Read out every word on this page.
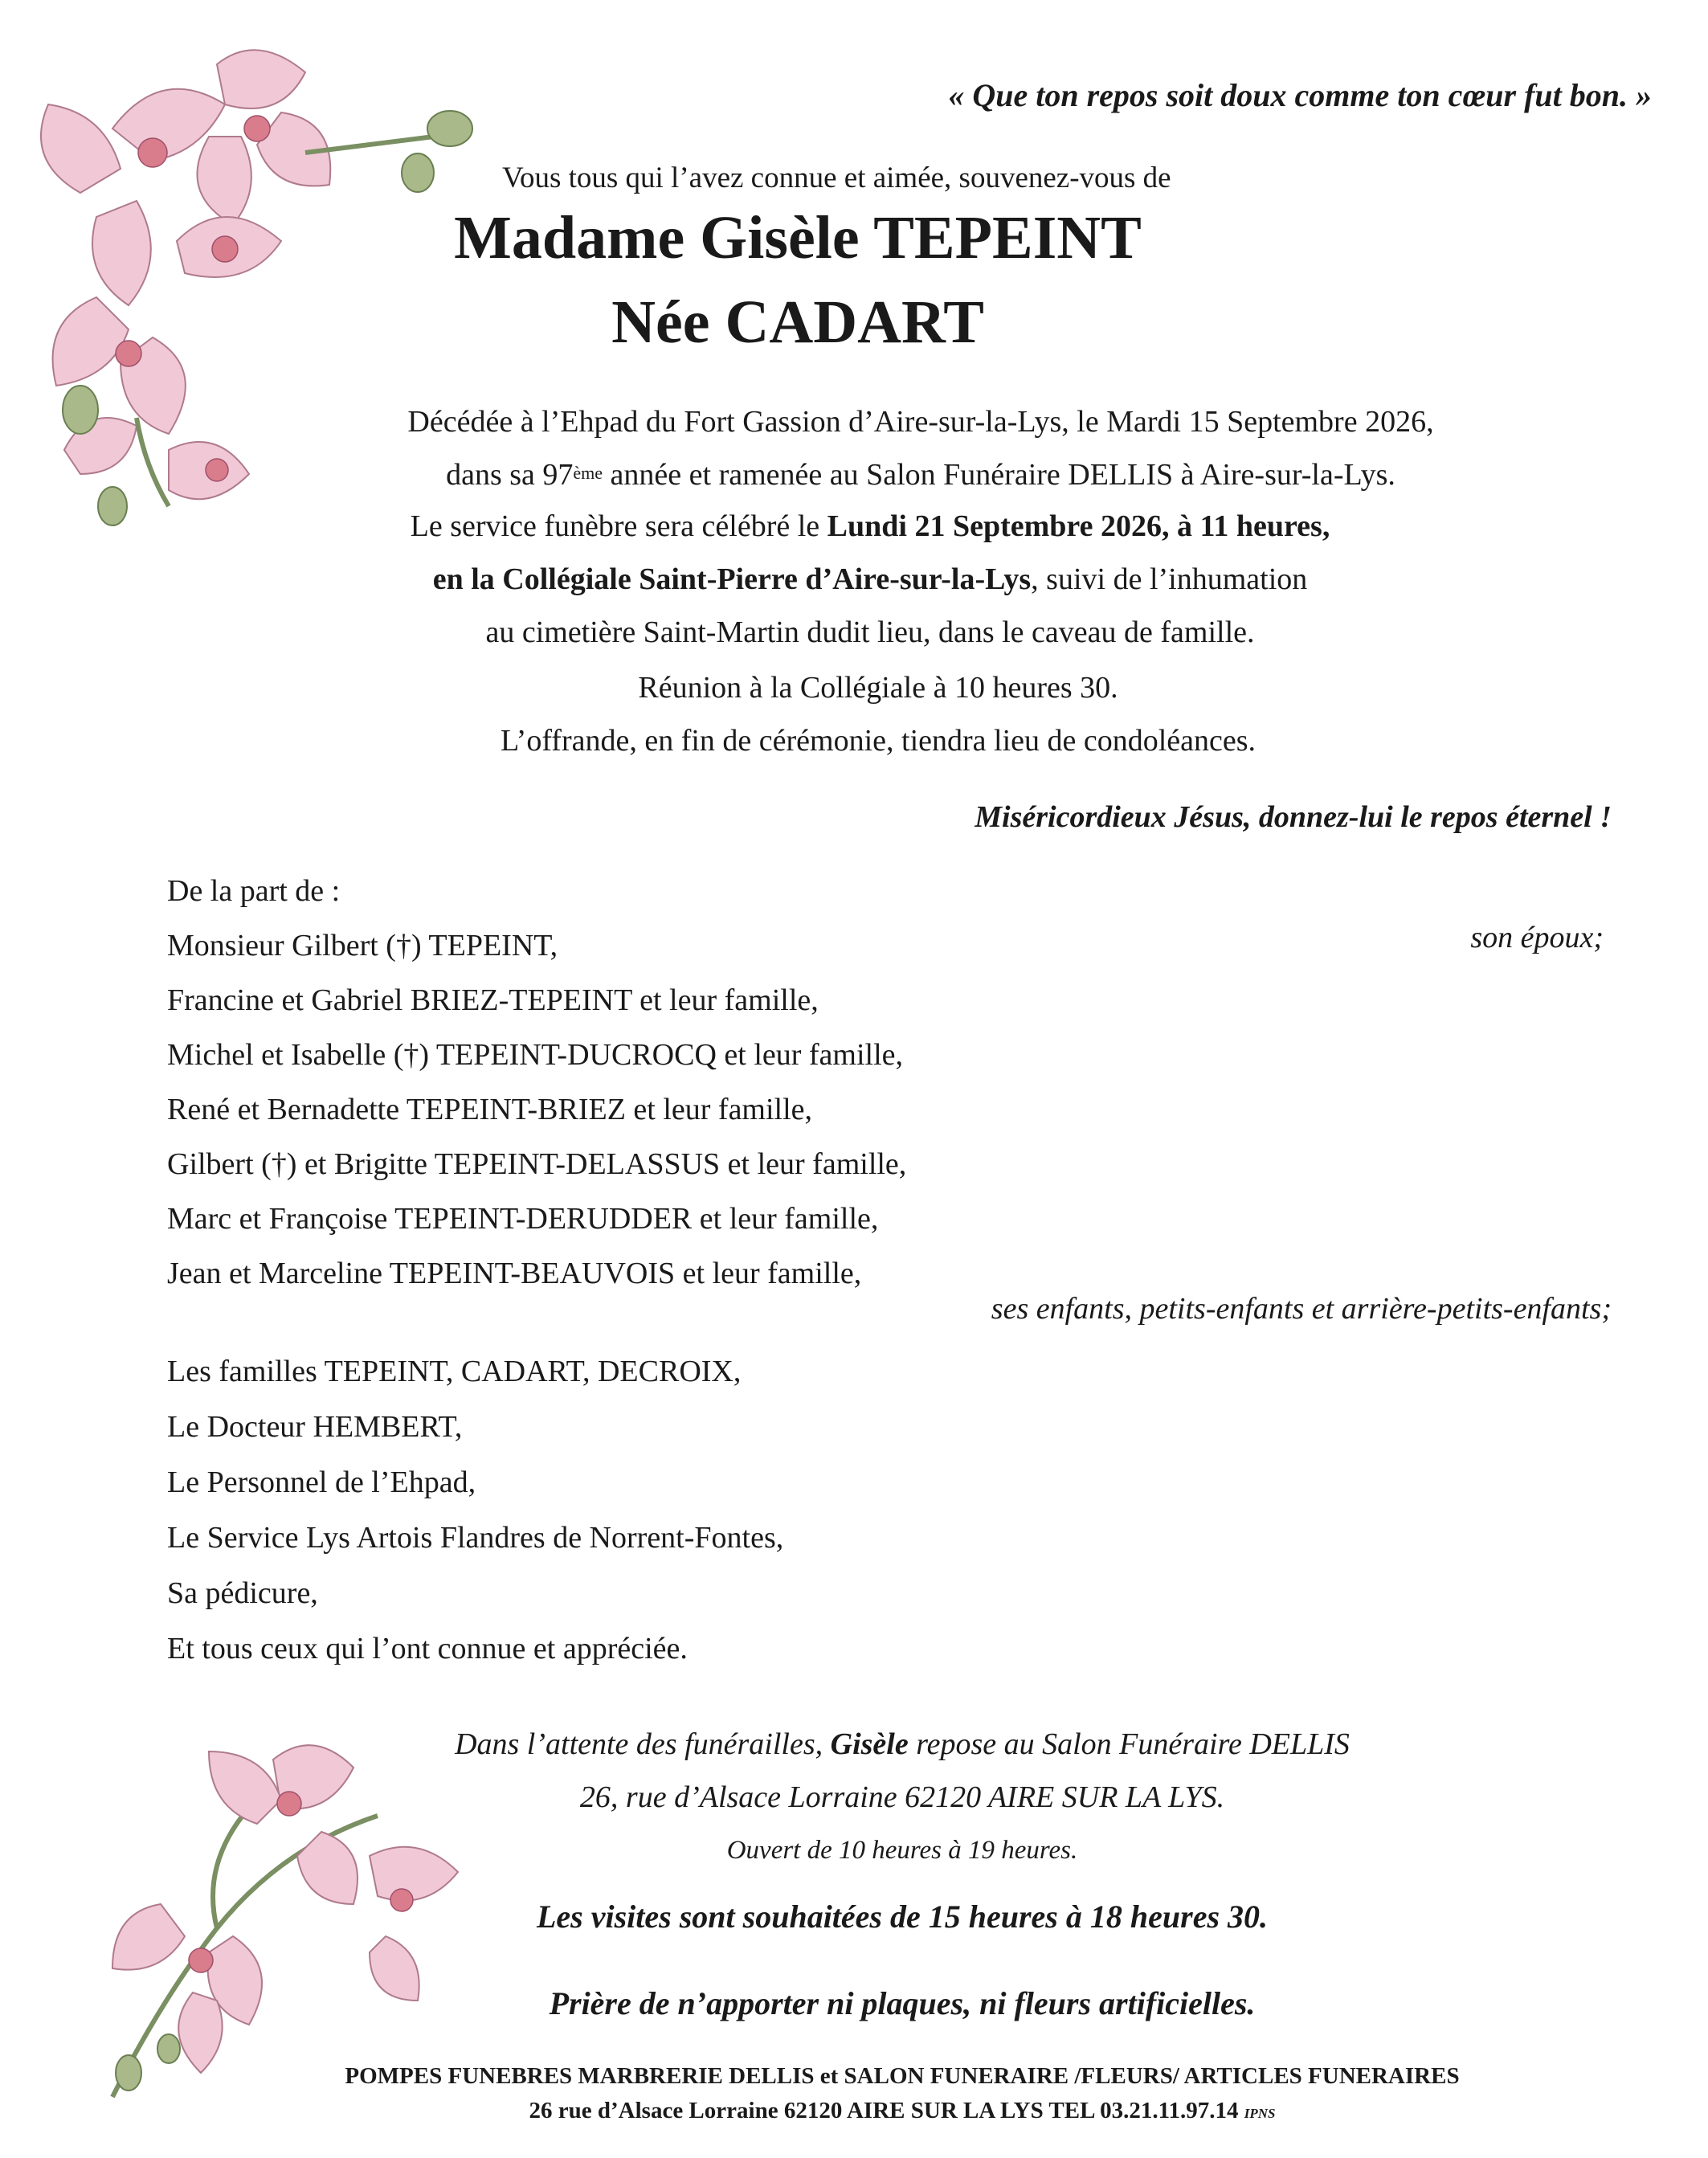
« Que ton repos soit doux comme ton cœur fut bon. »
Vous tous qui l’avez connue et aimée, souvenez-vous de
Madame Gisèle TEPEINT
Née CADART
Décédée à l’Ehpad du Fort Gassion d’Aire-sur-la-Lys, le Mardi 15 Septembre 2026,
dans sa 97ème année et ramenée au Salon Funéraire DELLIS à Aire-sur-la-Lys.
Le service funèbre sera célébré le Lundi 21 Septembre 2026, à 11 heures,
en la Collégiale Saint-Pierre d’Aire-sur-la-Lys, suivi de l’inhumation
au cimetière Saint-Martin dudit lieu, dans le caveau de famille.
Réunion à la Collégiale à 10 heures 30.
L’offrande, en fin de cérémonie, tiendra lieu de condoléances.
Miséricordieux Jésus, donnez-lui le repos éternel !
De la part de :
Monsieur Gilbert (†) TEPEINT,
Francine et Gabriel BRIEZ-TEPEINT et leur famille,
Michel et Isabelle (†) TEPEINT-DUCROCQ et leur famille,
René et Bernadette TEPEINT-BRIEZ et leur famille,
Gilbert (†) et Brigitte TEPEINT-DELASSUS et leur famille,
Marc et Françoise TEPEINT-DERUDDER et leur famille,
Jean et Marceline TEPEINT-BEAUVOIS et leur famille,
son époux;
ses enfants, petits-enfants et arrière-petits-enfants;
Les familles TEPEINT, CADART, DECROIX,
Le Docteur HEMBERT,
Le Personnel de l’Ehpad,
Le Service Lys Artois Flandres de Norrent-Fontes,
Sa pédicure,
Et tous ceux qui l’ont connue et appréciée.
Dans l’attente des funérailles, Gisèle repose au Salon Funéraire DELLIS
26, rue d’Alsace Lorraine 62120 AIRE SUR LA LYS.
Ouvert de 10 heures à 19 heures.
Les visites sont souhaitées de 15 heures à 18 heures 30.
Prière de n’apporter ni plaques, ni fleurs artificielles.
POMPES FUNEBRES MARBRERIE DELLIS et SALON FUNERAIRE /FLEURS/ ARTICLES FUNERAIRES
26 rue d’Alsace Lorraine 62120 AIRE SUR LA LYS TEL 03.21.11.97.14 IPNS
